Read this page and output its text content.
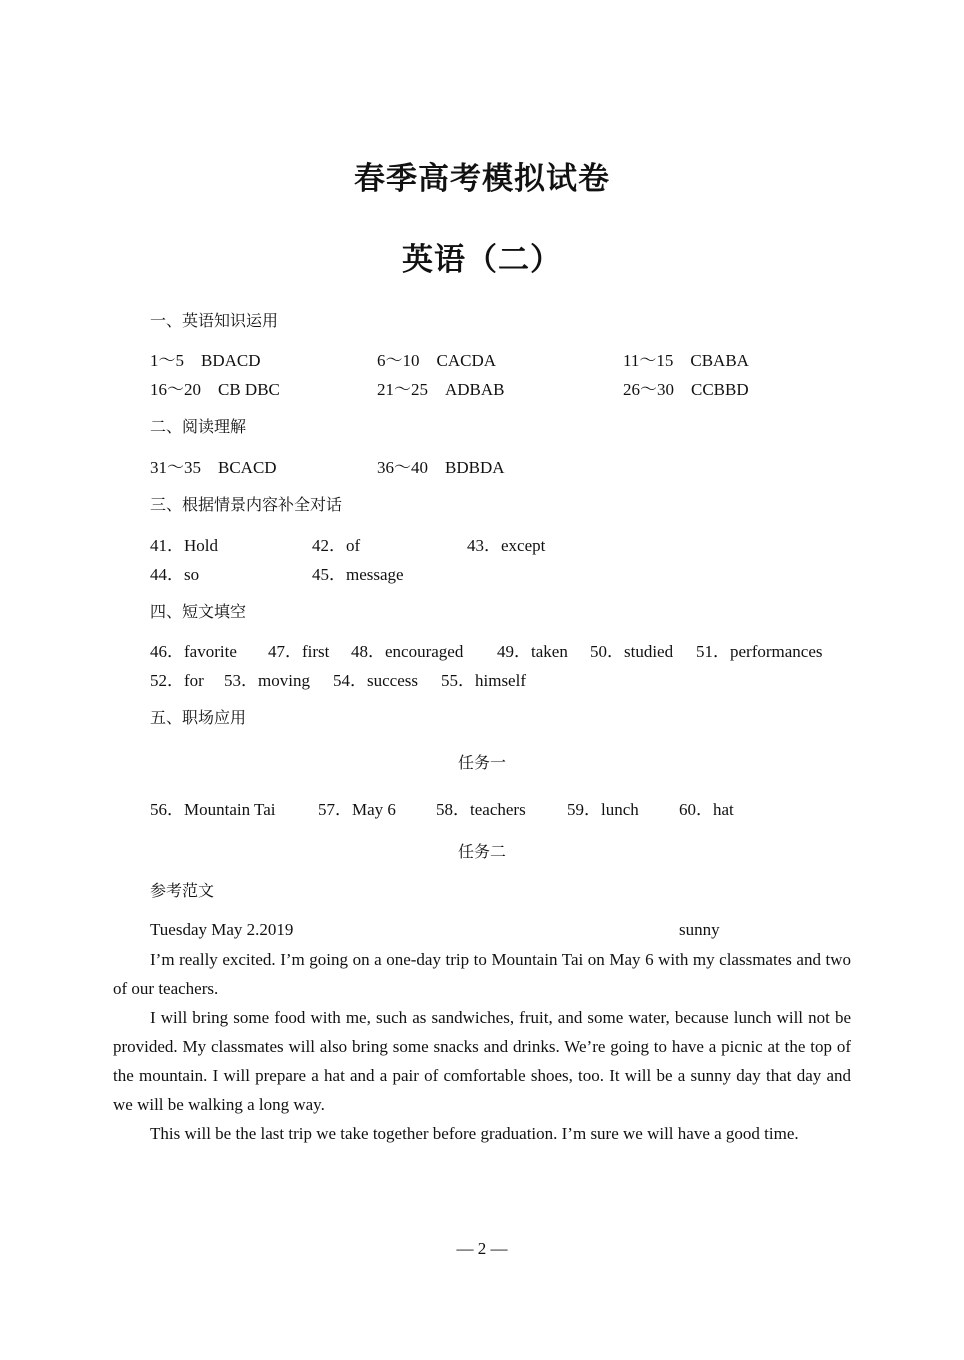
春季高考模拟试卷
英语（二）
一、英语知识运用
1～5　BDACD	6～10　CACDA	11～15　CBABA
16～20　CB DBC	21～25　ADBAB	26～30　CCBBD
二、阅读理解
31～35　BCACD	36～40　BDBDA
三、根据情景内容补全对话
41．Hold	42．of	43．except
44．so	45．message
四、短文填空
46．favorite 47．first 48．encouraged 49．taken 50．studied 51．performances
52．for 53．moving 54．success 55．himself
五、职场应用
任务一
56．Mountain Tai 57．May 6 58．teachers 59．lunch 60．hat
任务二
参考范文
Tuesday May 2.2019	sunny

I’m really excited. I’m going on a one-day trip to Mountain Tai on May 6 with my classmates and two of our teachers.

I will bring some food with me, such as sandwiches, fruit, and some water, because lunch will not be provided. My classmates will also bring some snacks and drinks. We’re going to have a picnic at the top of the mountain. I will prepare a hat and a pair of comfortable shoes, too. It will be a sunny day that day and we will be walking a long way.

This will be the last trip we take together before graduation. I’m sure we will have a good time.

— 2 —
